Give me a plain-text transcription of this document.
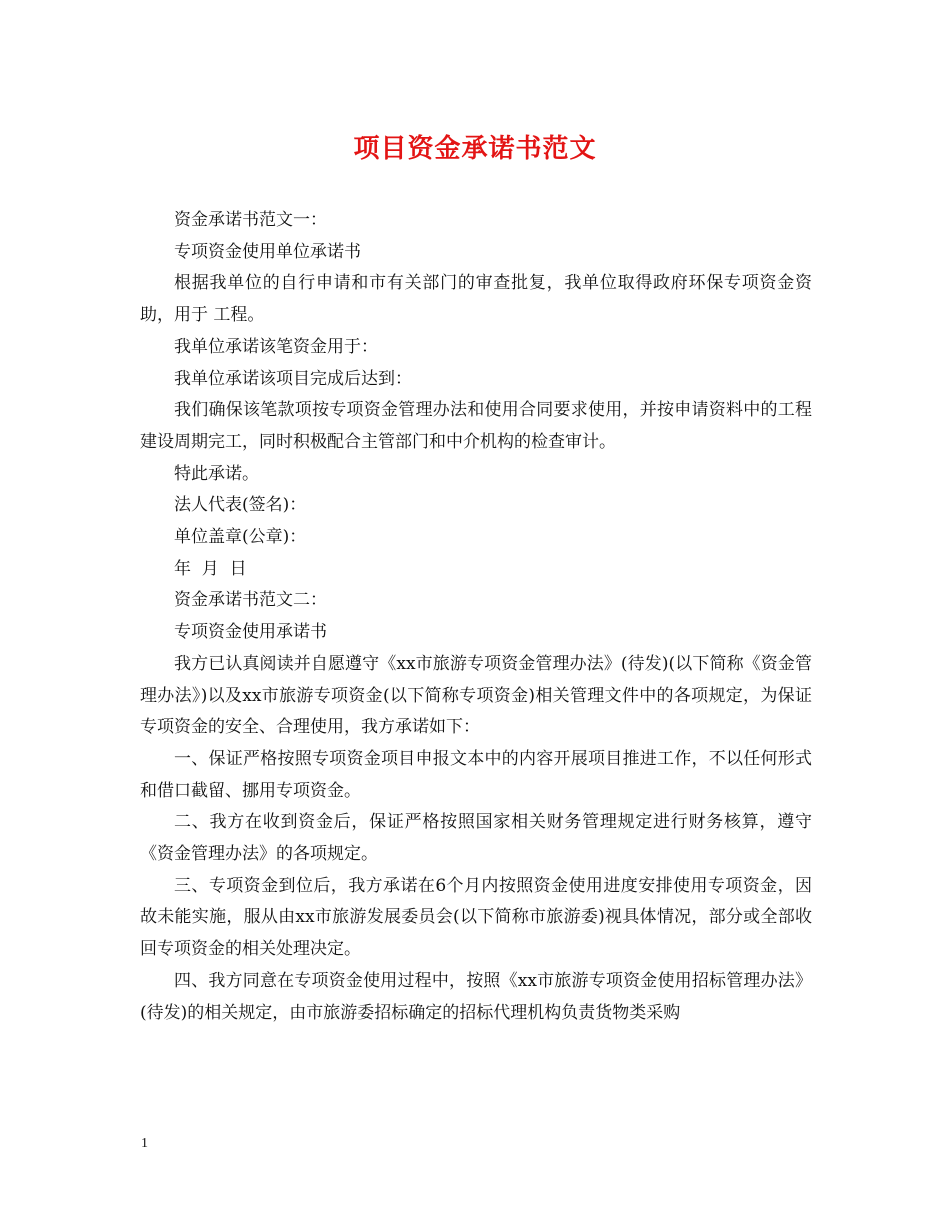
项目资金承诺书范文

资金承诺书范文一：

专项资金使用单位承诺书

根据我单位的自行申请和市有关部门的审查批复，我单位取得政府环保专项资金资助，用于 工程。

我单位承诺该笔资金用于：

我单位承诺该项目完成后达到：

我们确保该笔款项按专项资金管理办法和使用合同要求使用，并按申请资料中的工程建设周期完工，同时积极配合主管部门和中介机构的检查审计。

特此承诺。

法人代表(签名)：

单位盖章(公章)：

年  月  日

资金承诺书范文二：

专项资金使用承诺书

我方已认真阅读并自愿遵守《xx市旅游专项资金管理办法》(待发)(以下简称《资金管理办法》)以及xx市旅游专项资金(以下简称专项资金)相关管理文件中的各项规定，为保证专项资金的安全、合理使用，我方承诺如下：

一、保证严格按照专项资金项目申报文本中的内容开展项目推进工作，不以任何形式和借口截留、挪用专项资金。

二、我方在收到资金后，保证严格按照国家相关财务管理规定进行财务核算，遵守《资金管理办法》的各项规定。

三、专项资金到位后，我方承诺在6个月内按照资金使用进度安排使用专项资金，因故未能实施，服从由xx市旅游发展委员会(以下简称市旅游委)视具体情况，部分或全部收回专项资金的相关处理决定。

四、我方同意在专项资金使用过程中，按照《xx市旅游专项资金使用招标管理办法》(待发)的相关规定，由市旅游委招标确定的招标代理机构负责货物类采购

1
